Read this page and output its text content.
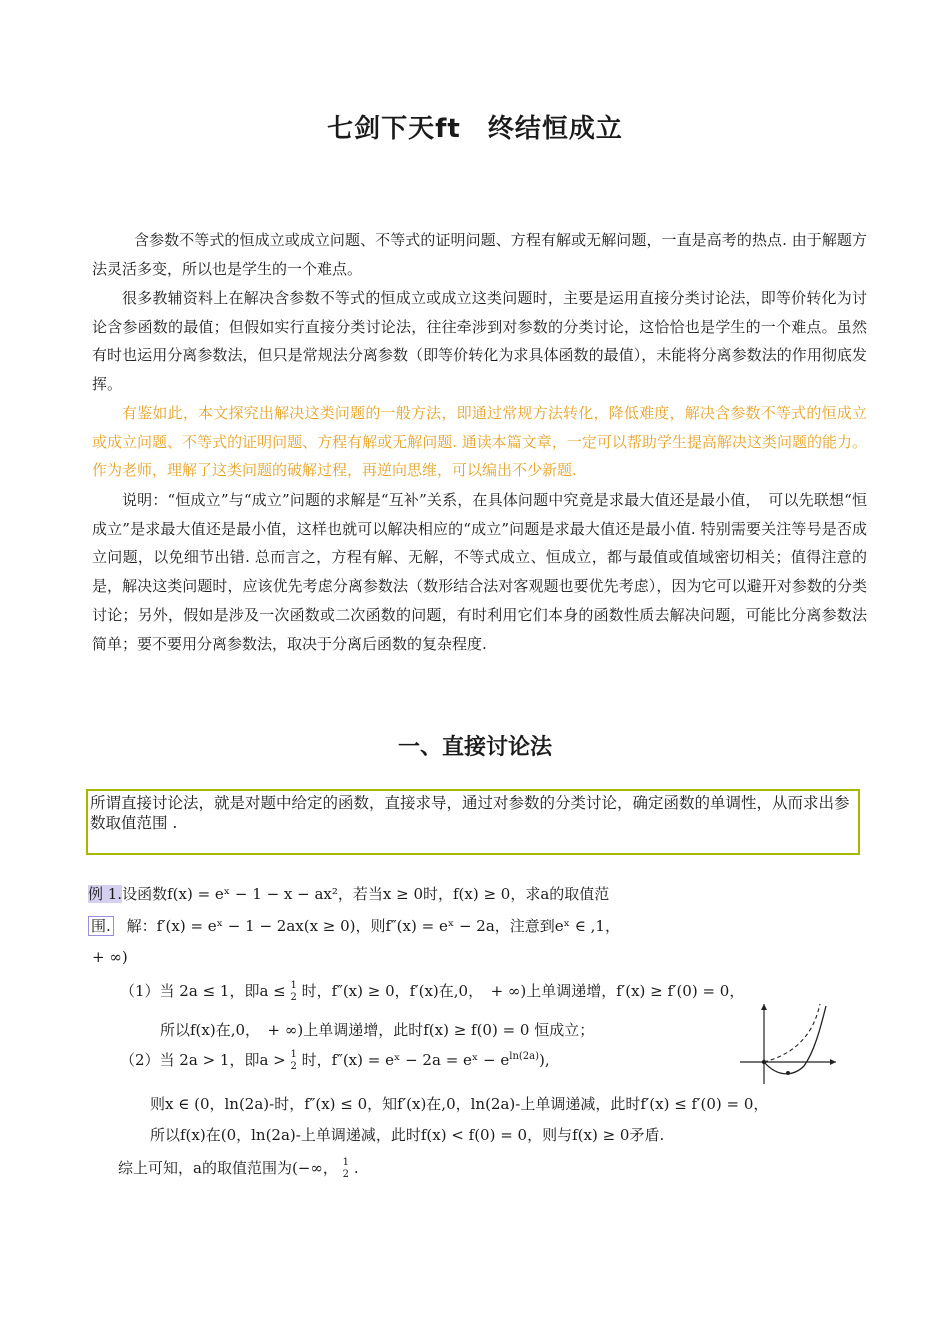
七剑下天ft　终结恒成立
含参数不等式的恒成立或成立问题、不等式的证明问题、方程有解或无解问题，一直是高考的热点. 由于解题方法灵活多变，所以也是学生的一个难点。
很多教辅资料上在解决含参数不等式的恒成立或成立这类问题时，主要是运用直接分类讨论法，即等价转化为讨论含参函数的最值；但假如实行直接分类讨论法，往往牵涉到对参数的分类讨论，这恰恰也是学生的一个难点。虽然有时也运用分离参数法，但只是常规法分离参数（即等价转化为求具体函数的最值），未能将分离参数法的作用彻底发挥。
有鉴如此，本文探究出解决这类问题的一般方法，即通过常规方法转化，降低难度，解决含参数不等式的恒成立或成立问题、不等式的证明问题、方程有解或无解问题. 通读本篇文章，一定可以帮助学生提高解决这类问题的能力。作为老师，理解了这类问题的破解过程，再逆向思维，可以编出不少新题.
说明：“恒成立”与“成立”问题的求解是“互补”关系，在具体问题中究竟是求最大值还是最小值，　可以先联想“恒成立”是求最大值还是最小值，这样也就可以解决相应的“成立”问题是求最大值还是最小值. 特别需要关注等号是否成立问题，以免细节出错. 总而言之，方程有解、无解，不等式成立、恒成立，都与最值或值域密切相关；值得注意的是，解决这类问题时，应该优先考虑分离参数法（数形结合法对客观题也要优先考虑），因为它可以避开对参数的分类讨论；另外，假如是涉及一次函数或二次函数的问题，有时利用它们本身的函数性质去解决问题，可能比分离参数法简单；要不要用分离参数法，取决于分离后函数的复杂程度.
一、直接讨论法
所谓直接讨论法，就是对题中给定的函数，直接求导，通过对参数的分类讨论，确定函数的单调性，从而求出参数取值范围 .
例 1.设函数f(x) = eˣ − 1 − x − ax²，若当x ≥ 0时，f(x) ≥ 0，求a的取值范
围. 解：f′(x) = eˣ − 1 − 2ax(x ≥ 0)，则f″(x) = eˣ − 2a，注意到eˣ ∈ ,1，
+ ∞)
（1）当 2a ≤ 1，即a ≤ 1
2 时，f″(x) ≥ 0，f′(x)在,0，　+ ∞)上单调递增，f′(x) ≥ f′(0) = 0，
所以f(x)在,0，　+ ∞)上单调递增，此时f(x) ≥ f(0) = 0 恒成立；
（2）当 2a > 1，即a > 1
2 时，f″(x) = eˣ − 2a = eˣ − $e^{ln(2a)}$),
则x ∈ (0，ln(2a)-时，f″(x) ≤ 0，知f′(x)在,0，ln(2a)-上单调递减，此时f′(x) ≤ f′(0) = 0，
所以f(x)在(0，ln(2a)-上单调递减，此时f(x) < f(0) = 0，则与f(x) ≥ 0矛盾.
综上可知，a的取值范围为(−∞， 1
2 .
